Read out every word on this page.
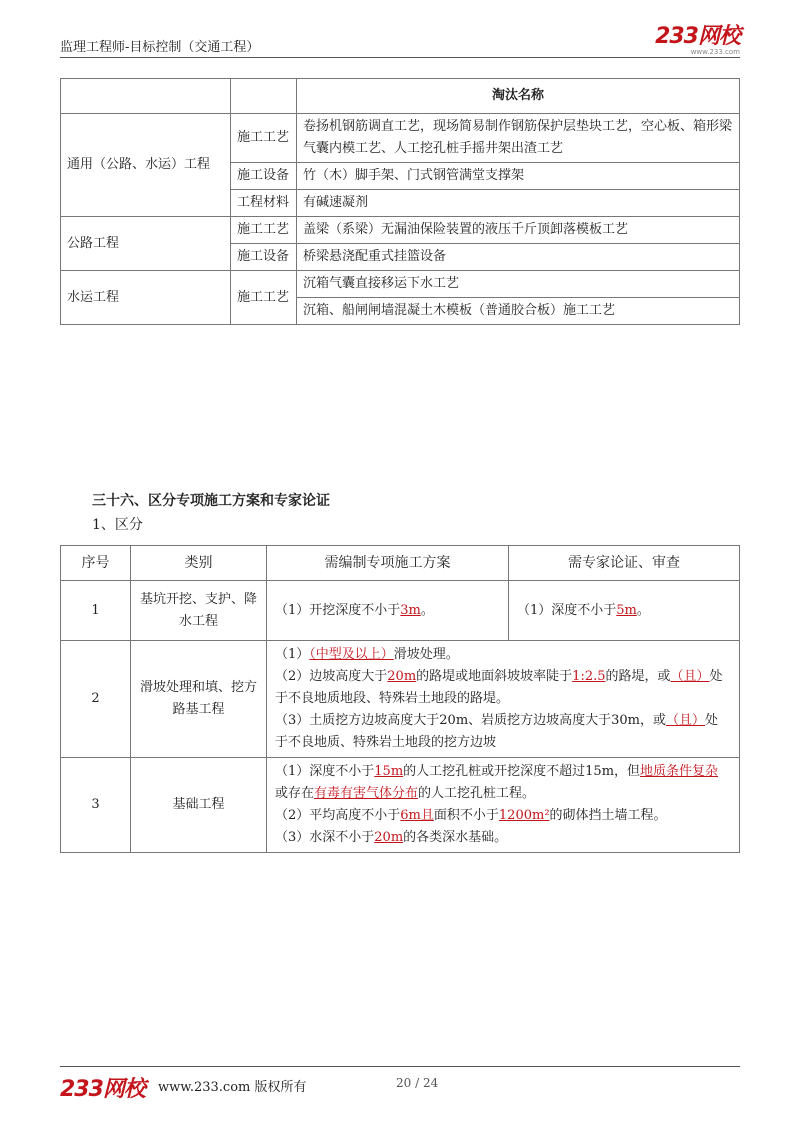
监理工程师-目标控制（交通工程）	233网校
www.233.com
		淘汰名称
通用（公路、水运）工程	施工工艺	卷扬机钢筋调直工艺，现场简易制作钢筋保护层垫块工艺，空心板、箱形梁气囊内模工艺、人工挖孔桩手摇井架出渣工艺
	施工设备	竹（木）脚手架、门式钢管满堂支撑架
	工程材料	有碱速凝剂
公路工程	施工工艺	盖梁（系梁）无漏油保险装置的液压千斤顶卸落模板工艺
	施工设备	桥梁悬浇配重式挂篮设备
水运工程	施工工艺	沉箱气囊直接移运下水工艺
		沉箱、船闸闸墙混凝土木模板（普通胶合板）施工工艺
三十六、区分专项施工方案和专家论证
1、区分
序号	类别	需编制专项施工方案	需专家论证、审查
1	基坑开挖、支护、降水工程	（1）开挖深度不小于3m。	（1）深度不小于5m。
2	滑坡处理和填、挖方路基工程	（1）（中型及以上）滑坡处理。
（2）边坡高度大于20m的路堤或地面斜坡坡率陡于1:2.5的路堤，或（且）处于不良地质地段、特殊岩土地段的路堤。
（3）土质挖方边坡高度大于20m、岩质挖方边坡高度大于30m，或（且）处于不良地质、特殊岩土地段的挖方边坡	

3	基础工程	（1）深度不小于15m的人工挖孔桩或开挖深度不超过15m，但地质条件复杂或存在有毒有害气体分布的人工挖孔桩工程。
（2）平均高度不小于6m且面积不小于1200m²的砌体挡土墙工程。
（3）水深不小于20m的各类深水基础。	
233网校 www.233.com 版权所有	20 / 24
